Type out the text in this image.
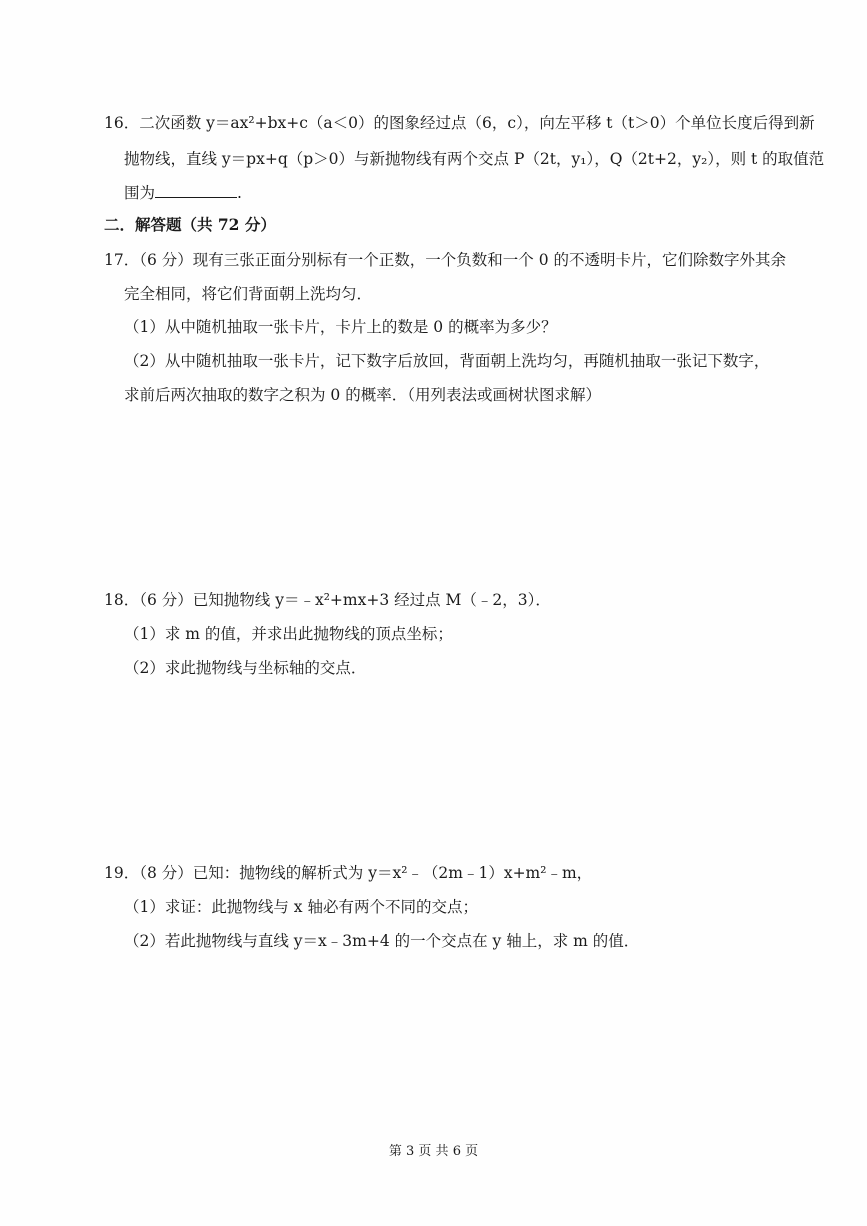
16．二次函数 y＝ax²+bx+c（a＜0）的图象经过点（6，c），向左平移 t（t＞0）个单位长度后得到新
抛物线，直线 y＝px+q（p＞0）与新抛物线有两个交点 P（2t，y₁），Q（2t+2，y₂），则 t 的取值范
围为	.
二．解答题（共 72 分）
17．（6 分）现有三张正面分别标有一个正数，一个负数和一个 0 的不透明卡片，它们除数字外其余
完全相同，将它们背面朝上洗均匀．
（1）从中随机抽取一张卡片，卡片上的数是 0 的概率为多少？
（2）从中随机抽取一张卡片，记下数字后放回，背面朝上洗均匀，再随机抽取一张记下数字，
求前后两次抽取的数字之积为 0 的概率．（用列表法或画树状图求解）
18．（6 分）已知抛物线 y＝﹣x²+mx+3 经过点 M（﹣2，3）．
（1）求 m 的值，并求出此抛物线的顶点坐标；
（2）求此抛物线与坐标轴的交点．
19．（8 分）已知：抛物线的解析式为 y＝x²﹣（2m﹣1）x+m²﹣m，
（1）求证：此抛物线与 x 轴必有两个不同的交点；
（2）若此抛物线与直线 y＝x﹣3m+4 的一个交点在 y 轴上，求 m 的值．
第 3 页 共 6 页
